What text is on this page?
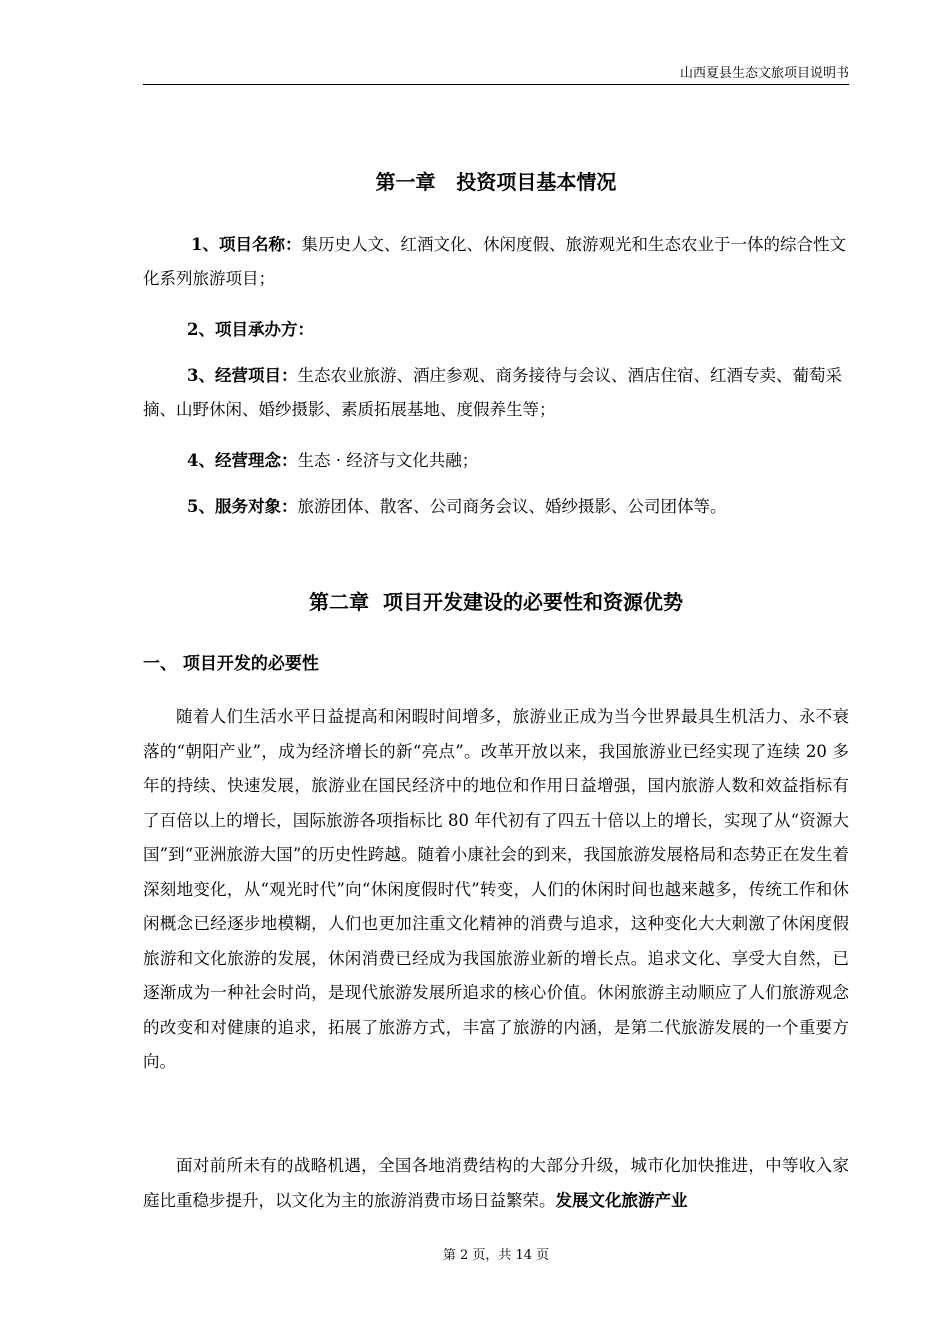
山西夏县生态文旅项目说明书
第一章   投资项目基本情况
1、项目名称：集历史人文、红酒文化、休闲度假、旅游观光和生态农业于一体的综合性文化系列旅游项目；
2、项目承办方：
3、经营项目：生态农业旅游、酒庄参观、商务接待与会议、酒店住宿、红酒专卖、葡萄采摘、山野休闲、婚纱摄影、素质拓展基地、度假养生等；
4、经营理念：生态 · 经济与文化共融；
5、服务对象：旅游团体、散客、公司商务会议、婚纱摄影、公司团体等。
第二章  项目开发建设的必要性和资源优势
一、 项目开发的必要性

随着人们生活水平日益提高和闲暇时间增多，旅游业正成为当今世界最具生机活力、永不衰落的“朝阳产业”，成为经济增长的新“亮点”。改革开放以来，我国旅游业已经实现了连续 20 多年的持续、快速发展，旅游业在国民经济中的地位和作用日益增强，国内旅游人数和效益指标有了百倍以上的增长，国际旅游各项指标比 80 年代初有了四五十倍以上的增长，实现了从“资源大国”到“亚洲旅游大国”的历史性跨越。随着小康社会的到来，我国旅游发展格局和态势正在发生着深刻地变化，从“观光时代”向“休闲度假时代”转变，人们的休闲时间也越来越多，传统工作和休闲概念已经逐步地模糊，人们也更加注重文化精神的消费与追求，这种变化大大刺激了休闲度假旅游和文化旅游的发展，休闲消费已经成为我国旅游业新的增长点。追求文化、享受大自然，已逐渐成为一种社会时尚，是现代旅游发展所追求的核心价值。休闲旅游主动顺应了人们旅游观念的改变和对健康的追求，拓展了旅游方式，丰富了旅游的内涵，是第二代旅游发展的一个重要方向。

面对前所未有的战略机遇，全国各地消费结构的大部分升级，城市化加快推进，中等收入家庭比重稳步提升，以文化为主的旅游消费市场日益繁荣。发展文化旅游产业

第 2 页，共 14 页
